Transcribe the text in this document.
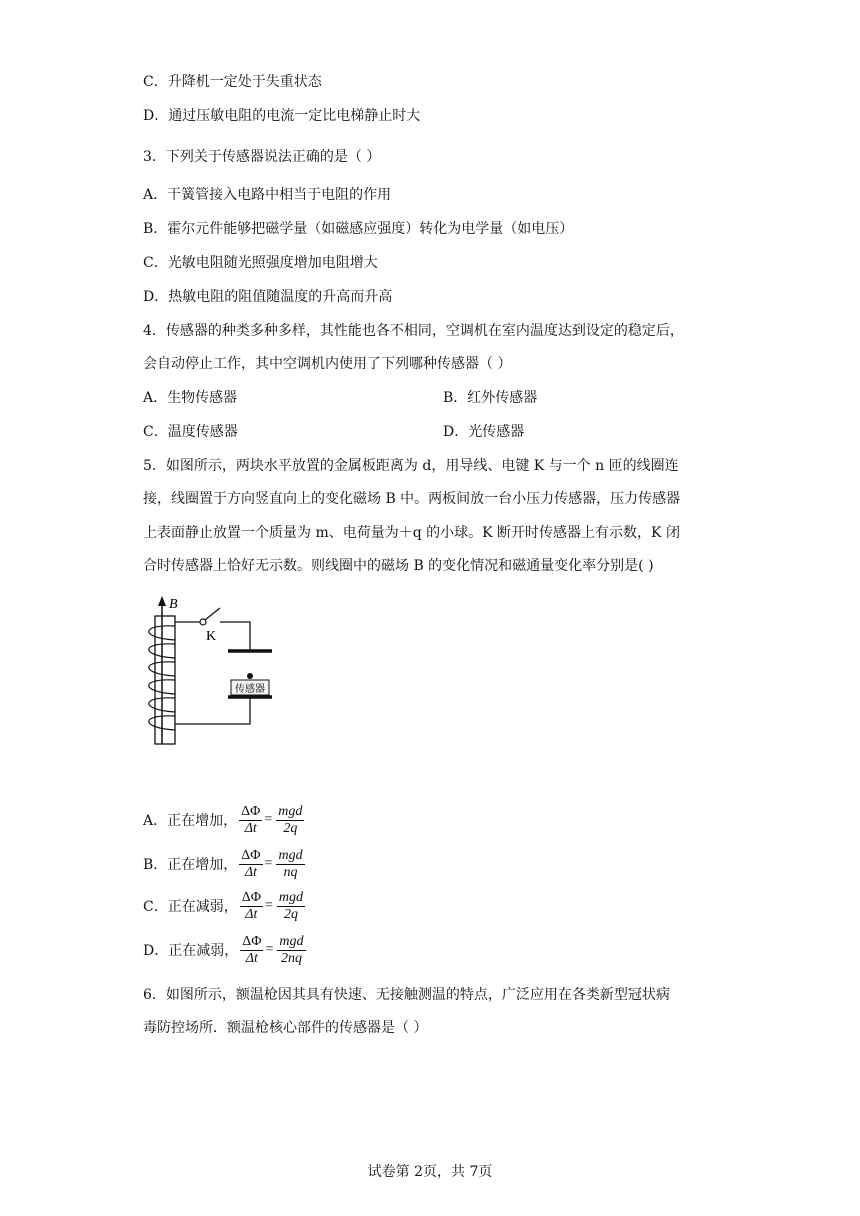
C．升降机一定处于失重状态
D．通过压敏电阻的电流一定比电梯静止时大
3．下列关于传感器说法正确的是（ ）
A．干簧管接入电路中相当于电阻的作用
B．霍尔元件能够把磁学量（如磁感应强度）转化为电学量（如电压）
C．光敏电阻随光照强度增加电阻增大
D．热敏电阻的阻值随温度的升高而升高
4．传感器的种类多种多样，其性能也各不相同，空调机在室内温度达到设定的稳定后，
会自动停止工作，其中空调机内使用了下列哪种传感器（ ）
A．生物传感器	B．红外传感器
C．温度传感器	D．光传感器
5．如图所示，两块水平放置的金属板距离为 d，用导线、电键 K 与一个 n 匝的线圈连
接，线圈置于方向竖直向上的变化磁场 B 中。两板间放一台小压力传感器，压力传感器
上表面静止放置一个质量为 m、电荷量为＋q 的小球。K 断开时传感器上有示数，K 闭
合时传感器上恰好无示数。则线圈中的磁场 B 的变化情况和磁通量变化率分别是( )
B
K
传感器
A．正在增加， $\frac{\Delta\Phi}{\Delta t} = \frac{\text{mgd}}{2q}$
B．正在增加， $\frac{\Delta\Phi}{\Delta t} = \frac{\text{mgd}}{nq}$
C．正在减弱， $\frac{\Delta\Phi}{\Delta t} = \frac{\text{mgd}}{2q}$
D．正在减弱， $\frac{\Delta\Phi}{\Delta t} = \frac{\text{mgd}}{2nq}$
6．如图所示，额温枪因其具有快速、无接触测温的特点，广泛应用在各类新型冠状病
毒防控场所．额温枪核心部件的传感器是（ ）
试卷第 2页，共 7页
